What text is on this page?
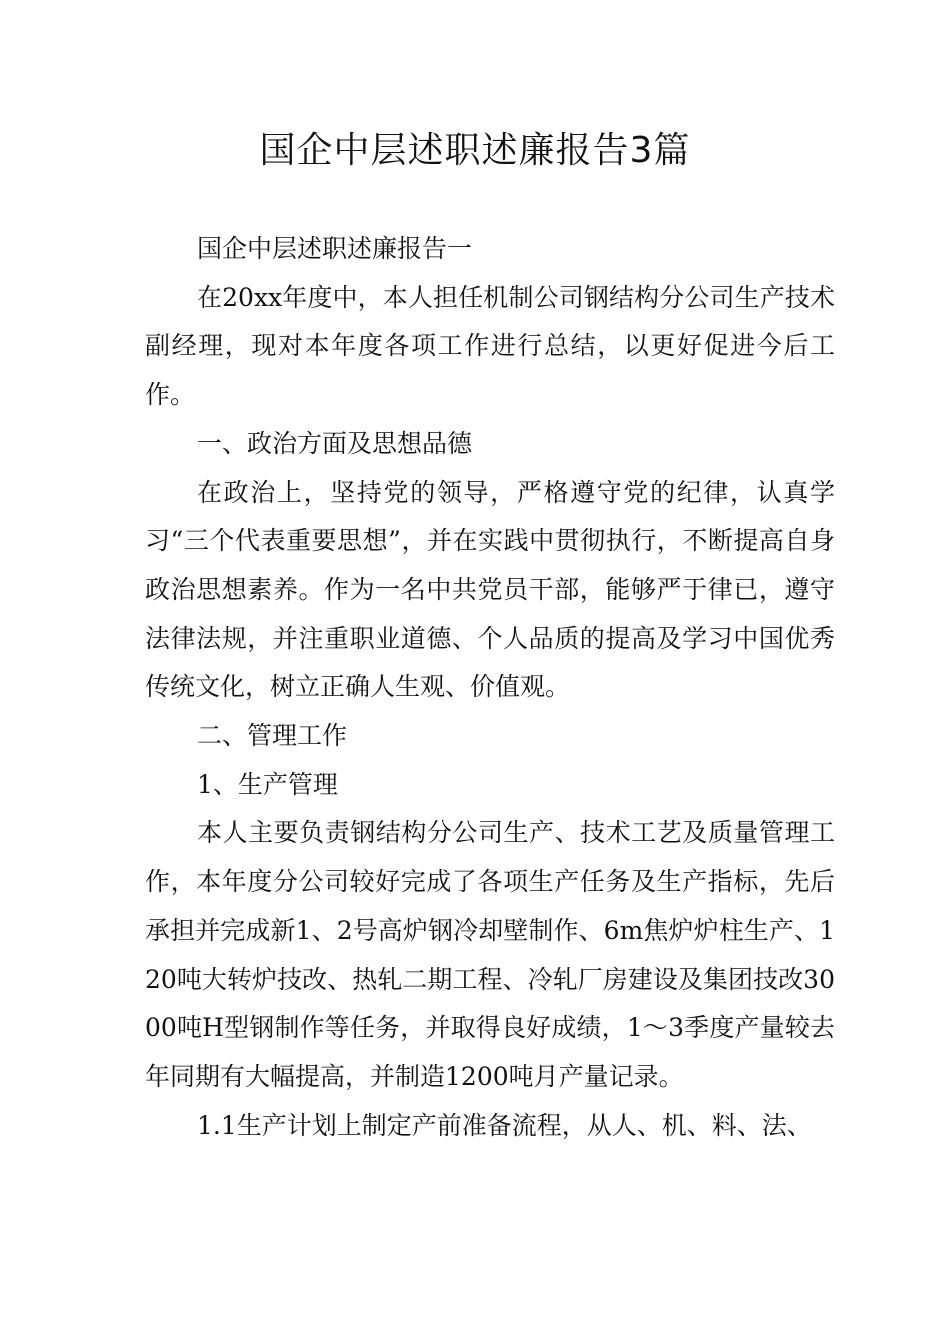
国企中层述职述廉报告3篇

国企中层述职述廉报告一

在20xx年度中，本人担任机制公司钢结构分公司生产技术副经理，现对本年度各项工作进行总结，以更好促进今后工作。

一、政治方面及思想品德

在政治上，坚持党的领导，严格遵守党的纪律，认真学习“三个代表重要思想”，并在实践中贯彻执行，不断提高自身政治思想素养。作为一名中共党员干部，能够严于律已，遵守法律法规，并注重职业道德、个人品质的提高及学习中国优秀传统文化，树立正确人生观、价值观。

二、管理工作

1、生产管理

本人主要负责钢结构分公司生产、技术工艺及质量管理工作，本年度分公司较好完成了各项生产任务及生产指标，先后承担并完成新1、2号高炉钢冷却壁制作、6m焦炉炉柱生产、120吨大转炉技改、热轧二期工程、冷轧厂房建设及集团技改3000吨H型钢制作等任务，并取得良好成绩，1～3季度产量较去年同期有大幅提高，并制造1200吨月产量记录。

1.1生产计划上制定产前准备流程，从人、机、料、法、
